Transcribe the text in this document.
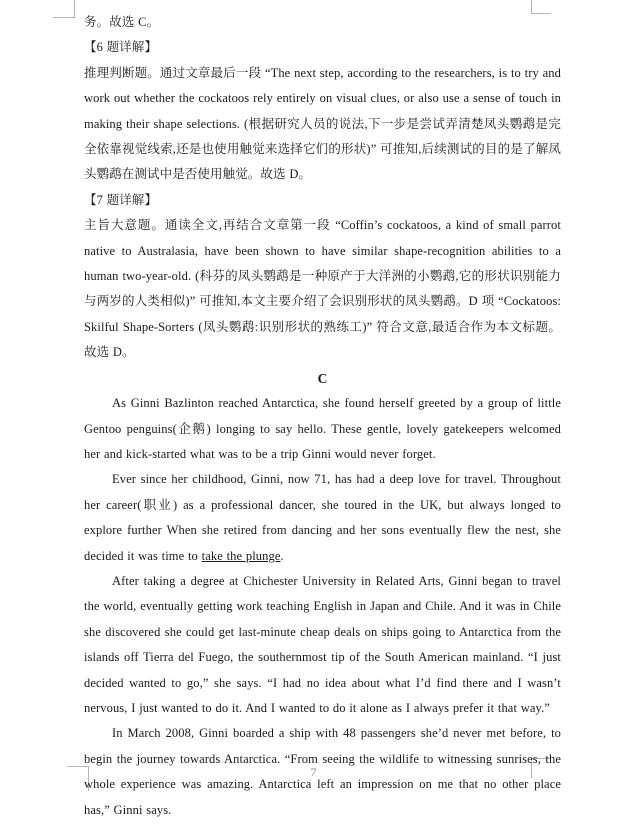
务。故选 C。

【6 题详解】

推理判断题。通过文章最后一段 “The next step, according to the researchers, is to try and work out whether the cockatoos rely entirely on visual clues, or also use a sense of touch in making their shape selections. (根据研究人员的说法,下一步是尝试弄清楚凤头鹦鹉是完全依靠视觉线索,还是也使用触觉来选择它们的形状)” 可推知,后续测试的目的是了解凤头鹦鹉在测试中是否使用触觉。故选 D。

【7 题详解】

主旨大意题。通读全文,再结合文章第一段 “Coffin’s cockatoos, a kind of small parrot native to Australasia, have been shown to have similar shape-recognition abilities to a human two-year-old. (科芬的凤头鹦鹉是一种原产于大洋洲的小鹦鹉,它的形状识别能力与两岁的人类相似)” 可推知,本文主要介绍了会识别形状的凤头鹦鹉。D 项 “Cockatoos: Skilful Shape-Sorters (凤头鹦鹉:识别形状的熟练工)” 符合文意,最适合作为本文标题。故选 D。

C

As Ginni Bazlinton reached Antarctica, she found herself greeted by a group of little Gentoo penguins(企鹅) longing to say hello. These gentle, lovely gatekeepers welcomed her and kick-started what was to be a trip Ginni would never forget.

Ever since her childhood, Ginni, now 71, has had a deep love for travel. Throughout her career(职业) as a professional dancer, she toured in the UK, but always longed to explore further When she retired from dancing and her sons eventually flew the nest, she decided it was time to take the plunge.

After taking a degree at Chichester University in Related Arts, Ginni began to travel the world, eventually getting work teaching English in Japan and Chile. And it was in Chile she discovered she could get last-minute cheap deals on ships going to Antarctica from the islands off Tierra del Fuego, the southernmost tip of the South American mainland. “I just decided wanted to go,” she says. “I had no idea about what I’d find there and I wasn’t nervous, I just wanted to do it. And I wanted to do it alone as I always prefer it that way.”

In March 2008, Ginni boarded a ship with 48 passengers she’d never met before, to begin the journey towards Antarctica. “From seeing the wildlife to witnessing sunrises, the whole experience was amazing. Antarctica left an impression on me that no other place has,” Ginni says.

7
